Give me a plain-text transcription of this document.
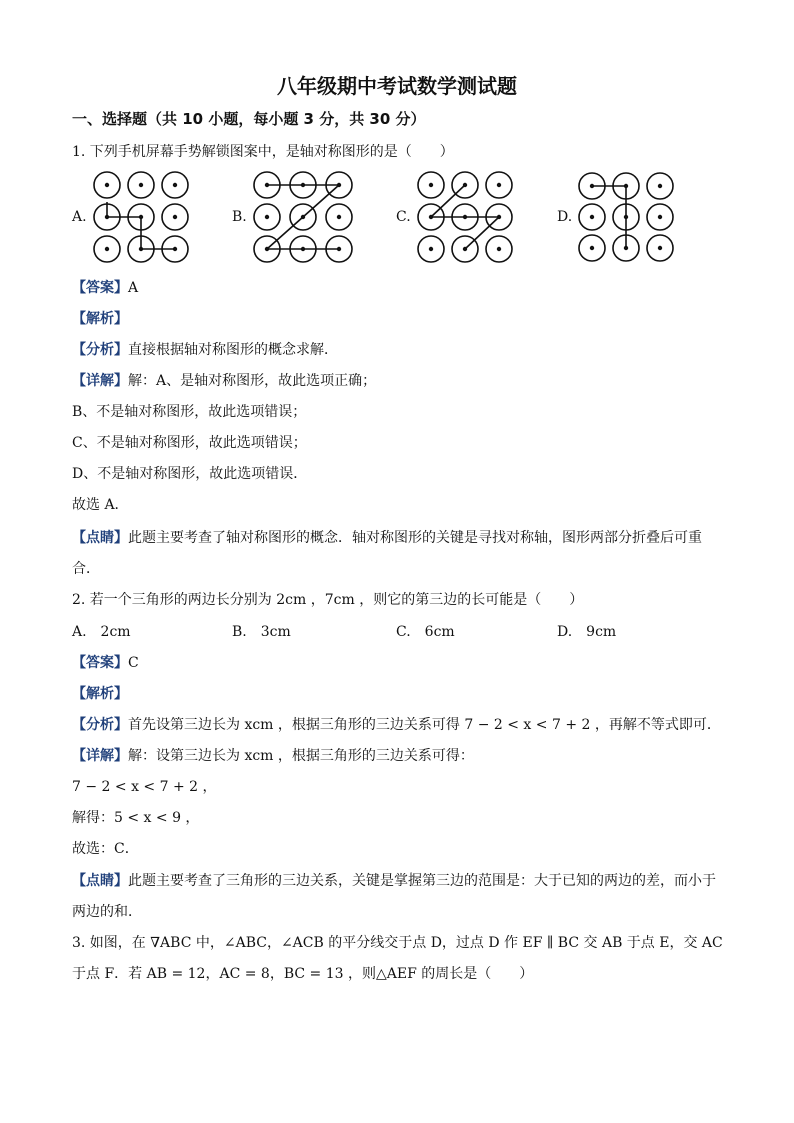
八年级期中考试数学测试题
一、选择题（共 10 小题，每小题 3 分，共 30 分）
1. 下列手机屏幕手势解锁图案中，是轴对称图形的是（　　）
A.	B.	C.	D.
【答案】A
【解析】
【分析】直接根据轴对称图形的概念求解．
【详解】解：A、是轴对称图形，故此选项正确；
B、不是轴对称图形，故此选项错误；
C、不是轴对称图形，故此选项错误；
D、不是轴对称图形，故此选项错误．
故选 A．
【点睛】此题主要考查了轴对称图形的概念．轴对称图形的关键是寻找对称轴，图形两部分折叠后可重
合．
2. 若一个三角形的两边长分别为 2cm ，7cm ，则它的第三边的长可能是（　　）
A.　2cm	B.　3cm	C.　6cm	D.　9cm
【答案】C
【解析】
【分析】首先设第三边长为 xcm ，根据三角形的三边关系可得 7 − 2 < x < 7 + 2 ，再解不等式即可．
【详解】解：设第三边长为 xcm ，根据三角形的三边关系可得：
7 − 2 < x < 7 + 2 ，
解得：5 < x < 9 ，
故选：C．
【点睛】此题主要考查了三角形的三边关系，关键是掌握第三边的范围是：大于已知的两边的差，而小于
两边的和．
3. 如图，在 ∇ABC 中，∠ABC，∠ACB 的平分线交于点 D，过点 D 作 EF ∥ BC 交 AB 于点 E，交 AC
于点 F．若 AB = 12，AC = 8，BC = 13 ，则△AEF 的周长是（　　）
